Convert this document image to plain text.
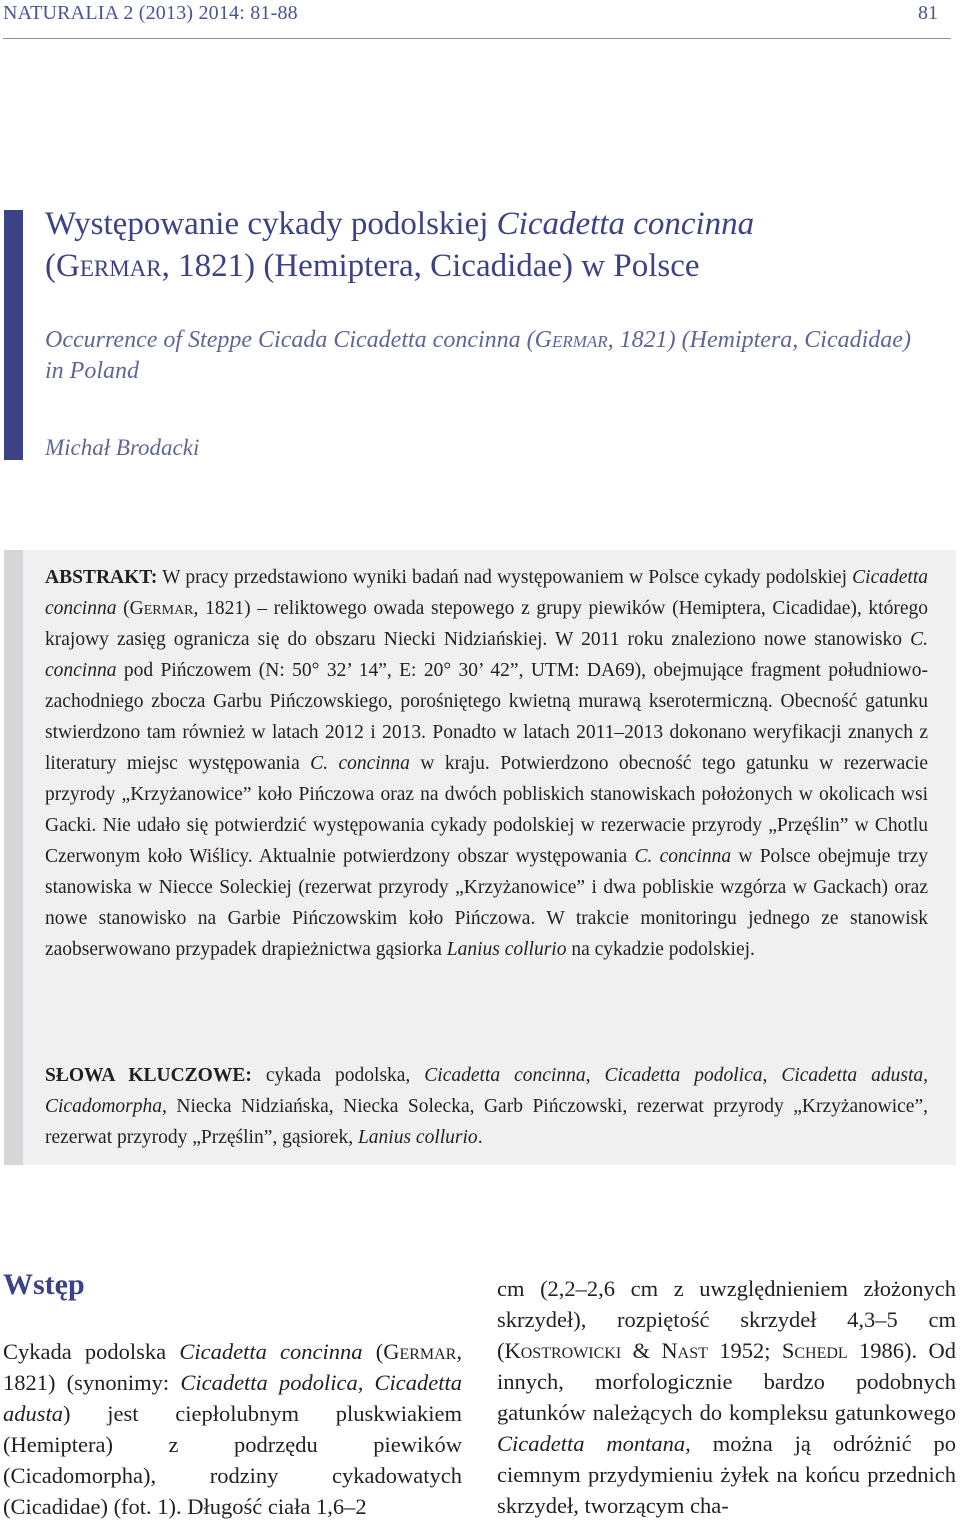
NATURALIA 2 (2013) 2014: 81-88	81
Występowanie cykady podolskiej Cicadetta concinna
(Germar, 1821) (Hemiptera, Cicadidae) w Polsce
Occurrence of Steppe Cicada Cicadetta concinna (Germar, 1821) (Hemiptera, Cicadidae) in Poland
Michał Brodacki

ABSTRAKT: W pracy przedstawiono wyniki badań nad występowaniem w Polsce cykady podolskiej Cicadetta concinna (Germar, 1821) – reliktowego owada stepowego z grupy piewików (Hemiptera, Cicadidae), którego krajowy zasięg ogranicza się do obszaru Niecki Nidziańskiej. W 2011 roku znaleziono nowe stanowisko C. concinna pod Pińczowem (N: 50° 32’ 14”, E: 20° 30’ 42”, UTM: DA69), obejmujące fragment południowo-zachodniego zbocza Garbu Pińczowskiego, porośniętego kwietną murawą kserotermiczną. Obecność gatunku stwierdzono tam również w latach 2012 i 2013. Ponadto w latach 2011–2013 dokonano weryfikacji znanych z literatury miejsc występowania C. concinna w kraju. Potwierdzono obecność tego gatunku w rezerwacie przyrody „Krzyżanowice” koło Pińczowa oraz na dwóch pobliskich stanowiskach położonych w okolicach wsi Gacki. Nie udało się potwierdzić występowania cykady podolskiej w rezerwacie przyrody „Przęślin” w Chotlu Czerwonym koło Wiślicy. Aktualnie potwierdzony obszar występowania C. concinna w Polsce obejmuje trzy stanowiska w Niecce Soleckiej (rezerwat przyrody „Krzyżanowice” i dwa pobliskie wzgórza w Gackach) oraz nowe stanowisko na Garbie Pińczowskim koło Pińczowa. W trakcie monitoringu jednego ze stanowisk zaobserwowano przypadek drapieżnictwa gąsiorka Lanius collurio na cykadzie podolskiej.

SŁOWA KLUCZOWE: cykada podolska, Cicadetta concinna, Cicadetta podolica, Cicadetta adusta, Cicadomorpha, Niecka Nidziańska, Niecka Solecka, Garb Pińczowski, rezerwat przyrody „Krzyżanowice”, rezerwat przyrody „Przęślin”, gąsiorek, Lanius collurio.

Wstęp

Cykada podolska Cicadetta concinna (Germar, 1821) (synonimy: Cicadetta podolica, Cicadetta adusta) jest ciepłolubnym pluskwiakiem (Hemiptera) z podrzędu piewików (Cicadomorpha), rodziny cykadowatych (Cicadidae) (fot. 1). Długość ciała 1,6–2

cm (2,2–2,6 cm z uwzględnieniem złożonych skrzydeł), rozpiętość skrzydeł 4,3–5 cm (Kostrowicki & Nast 1952; Schedl 1986). Od innych, morfologicznie bardzo podobnych gatunków należących do kompleksu gatunkowego Cicadetta montana, można ją odróżnić po ciemnym przydymieniu żyłek na końcu przednich skrzydeł, tworzącym cha-
